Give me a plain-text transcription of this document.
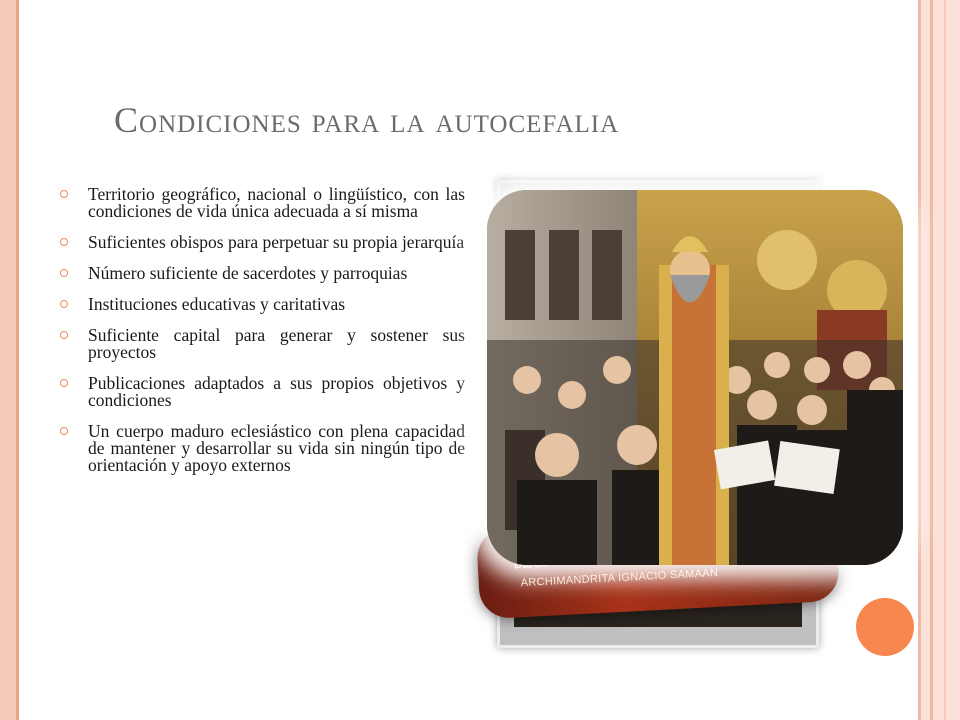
Condiciones para la autocefalia
Territorio geográfico, nacional o lingüístico, con las condiciones de vida única adecuada a sí misma
Suficientes obispos para perpetuar su propia jerarquía
Número suficiente de sacerdotes y parroquias
Instituciones educativas y caritativas
Suficiente capital para generar y sostener sus proyectos
Publicaciones adaptados a sus propios objetivos y condiciones
Un cuerpo maduro eclesiástico con plena capacidad de mantener y desarrollar su vida sin ningún tipo de orientación y apoyo externos
ARCHIMANDRITA IGNACIO SAMAÁN
